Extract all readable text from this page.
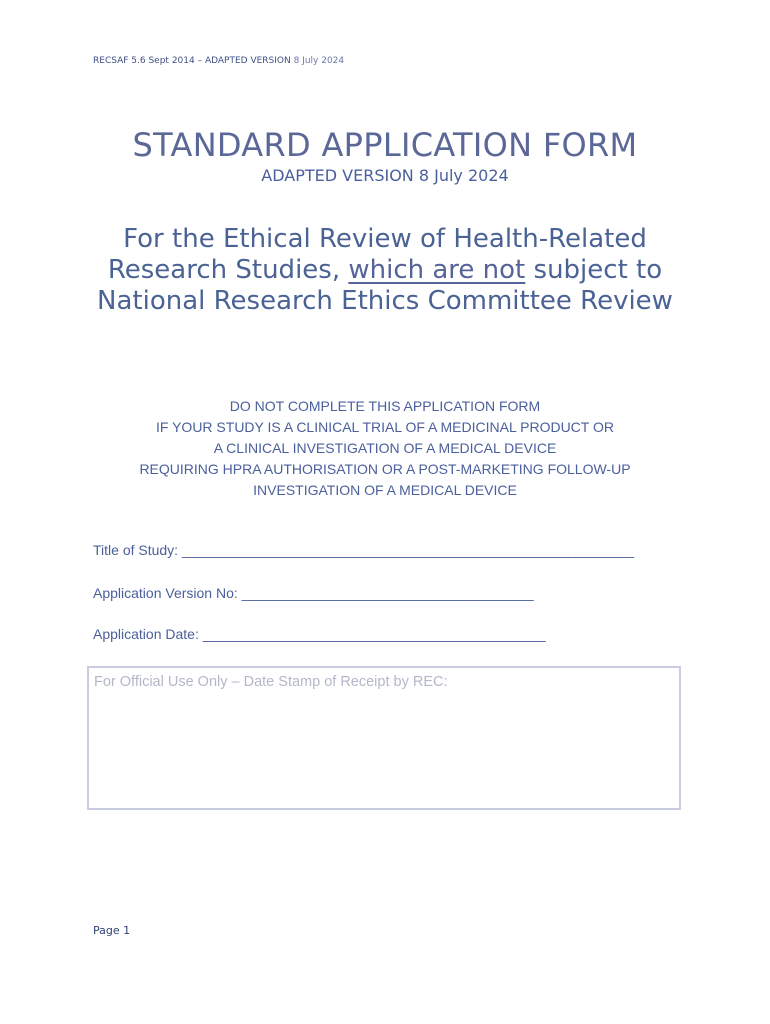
RECSAF 5.6 Sept 2014 – ADAPTED VERSION 8 July 2024
STANDARD APPLICATION FORM
ADAPTED VERSION 8 July 2024
For the Ethical Review of Health-Related Research Studies, which are not subject to National Research Ethics Committee Review
DO NOT COMPLETE THIS APPLICATION FORM
IF YOUR STUDY IS A CLINICAL TRIAL OF A MEDICINAL PRODUCT OR
A CLINICAL INVESTIGATION OF A MEDICAL DEVICE
REQUIRING HPRA AUTHORISATION OR A POST-MARKETING FOLLOW-UP
INVESTIGATION OF A MEDICAL DEVICE
Title of Study: ______________________________________________________________
Application Version No: ________________________________________
Application Date: _______________________________________________
For Official Use Only – Date Stamp of Receipt by REC:
Page 1
